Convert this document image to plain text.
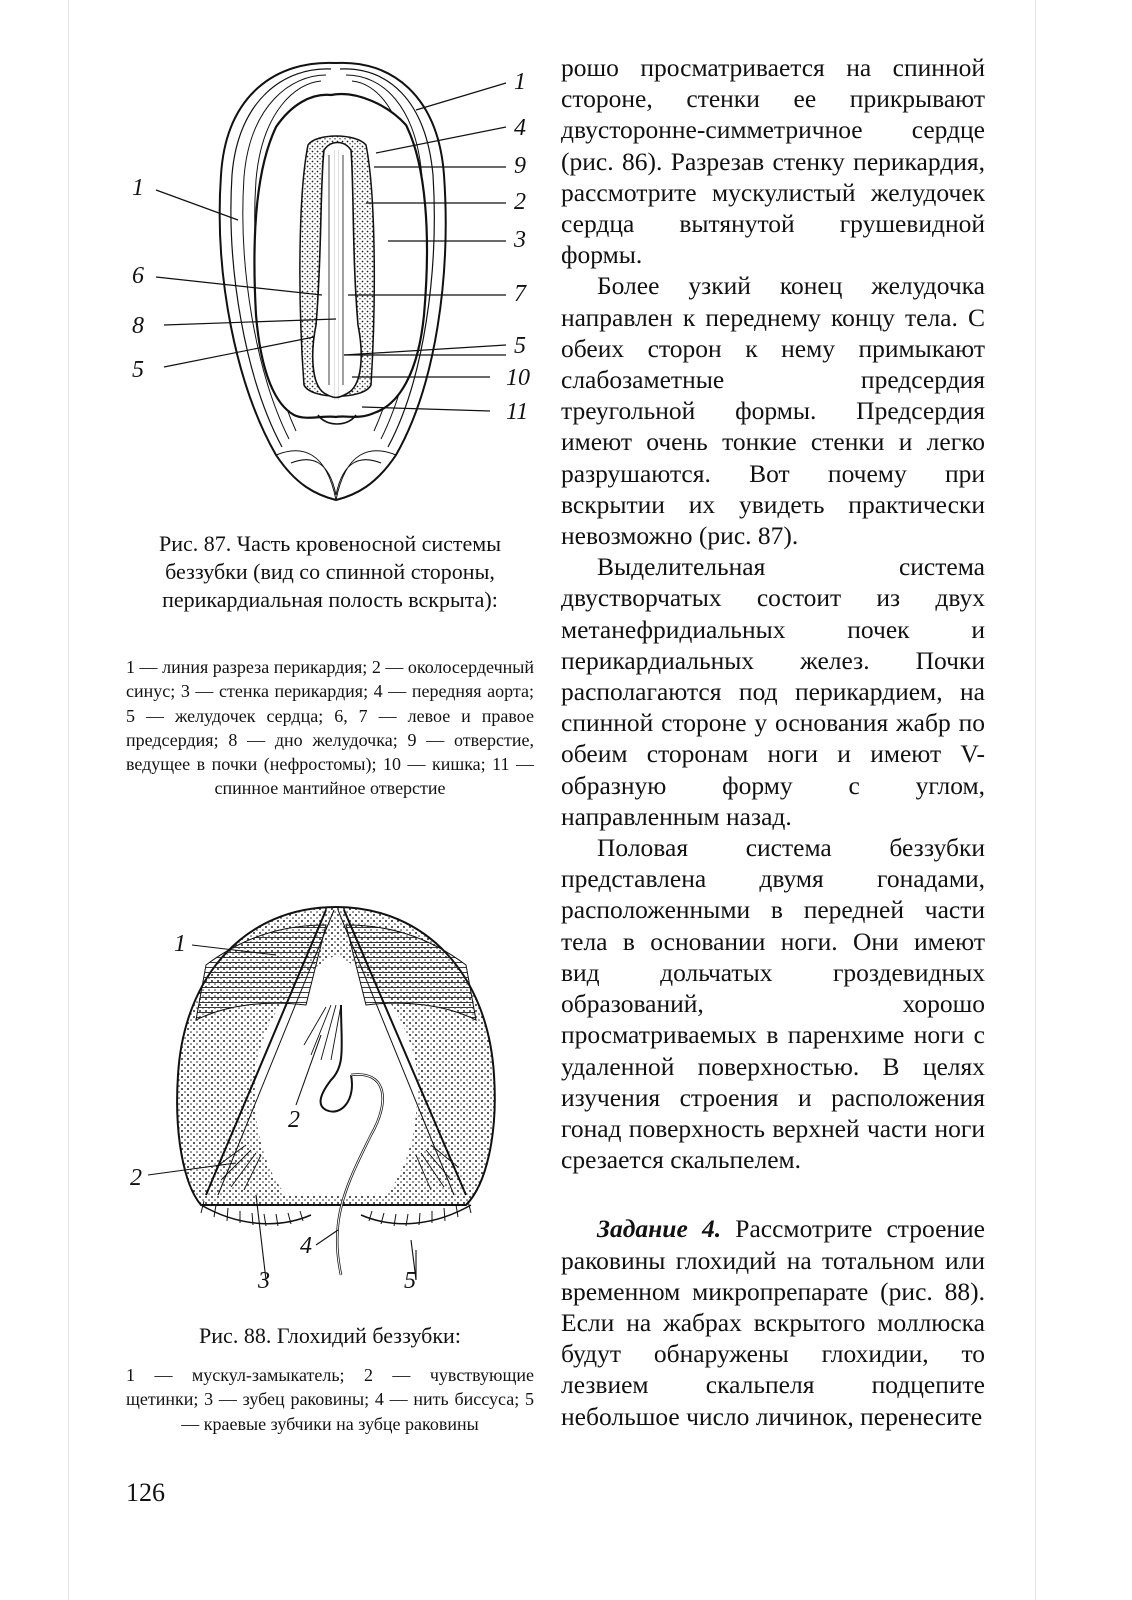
1
4
9
2
3
7
5
10
11
1
6
8
5
Рис. 87. Часть кровеносной системы беззубки (вид со спинной стороны, перикардиальная полость вскрыта):
1 — линия разреза перикардия; 2 — околосердечный синус; 3 — стенка перикардия; 4 — передняя аорта; 5 — желудочек сердца; 6, 7 — левое и правое предсердия; 8 — дно желудочка; 9 — отверстие, ведущее в почки (нефростомы); 10 — кишка; 11 — спинное мантийное отверстие
1
2
2
3
4
5
Рис. 88. Глохидий беззубки:
1 — мускул-замыкатель; 2 — чувствующие щетинки; 3 — зубец раковины; 4 — нить биссуса; 5 — краевые зубчики на зубце раковины
126

рошо просматривается на спинной стороне, стенки ее прикрывают двусторонне-симметричное сердце (рис. 86). Разрезав стенку перикардия, рассмотрите мускулистый желудочек сердца вытянутой грушевидной формы.

Более узкий конец желудочка направлен к переднему концу тела. С обеих сторон к нему примыкают слабозаметные предсердия треугольной формы. Предсердия имеют очень тонкие стенки и легко разрушаются. Вот почему при вскрытии их увидеть практически невозможно (рис. 87).

Выделительная система двустворчатых состоит из двух метанефридиальных почек и перикардиальных желез. Почки располагаются под перикардием, на спинной стороне у основания жабр по обеим сторонам ноги и имеют V-образную форму с углом, направленным назад.

Половая система беззубки представлена двумя гонадами, расположенными в передней части тела в основании ноги. Они имеют вид дольчатых гроздевидных образований, хорошо просматриваемых в паренхиме ноги с удаленной поверхностью. В целях изучения строения и расположения гонад поверхность верхней части ноги срезается скальпелем.

Задание 4. Рассмотрите строение раковины глохидий на тотальном или временном микропрепарате (рис. 88). Если на жабрах вскрытого моллюска будут обнаружены глохидии, то лезвием скальпеля подцепите небольшое число личинок, перенесите
